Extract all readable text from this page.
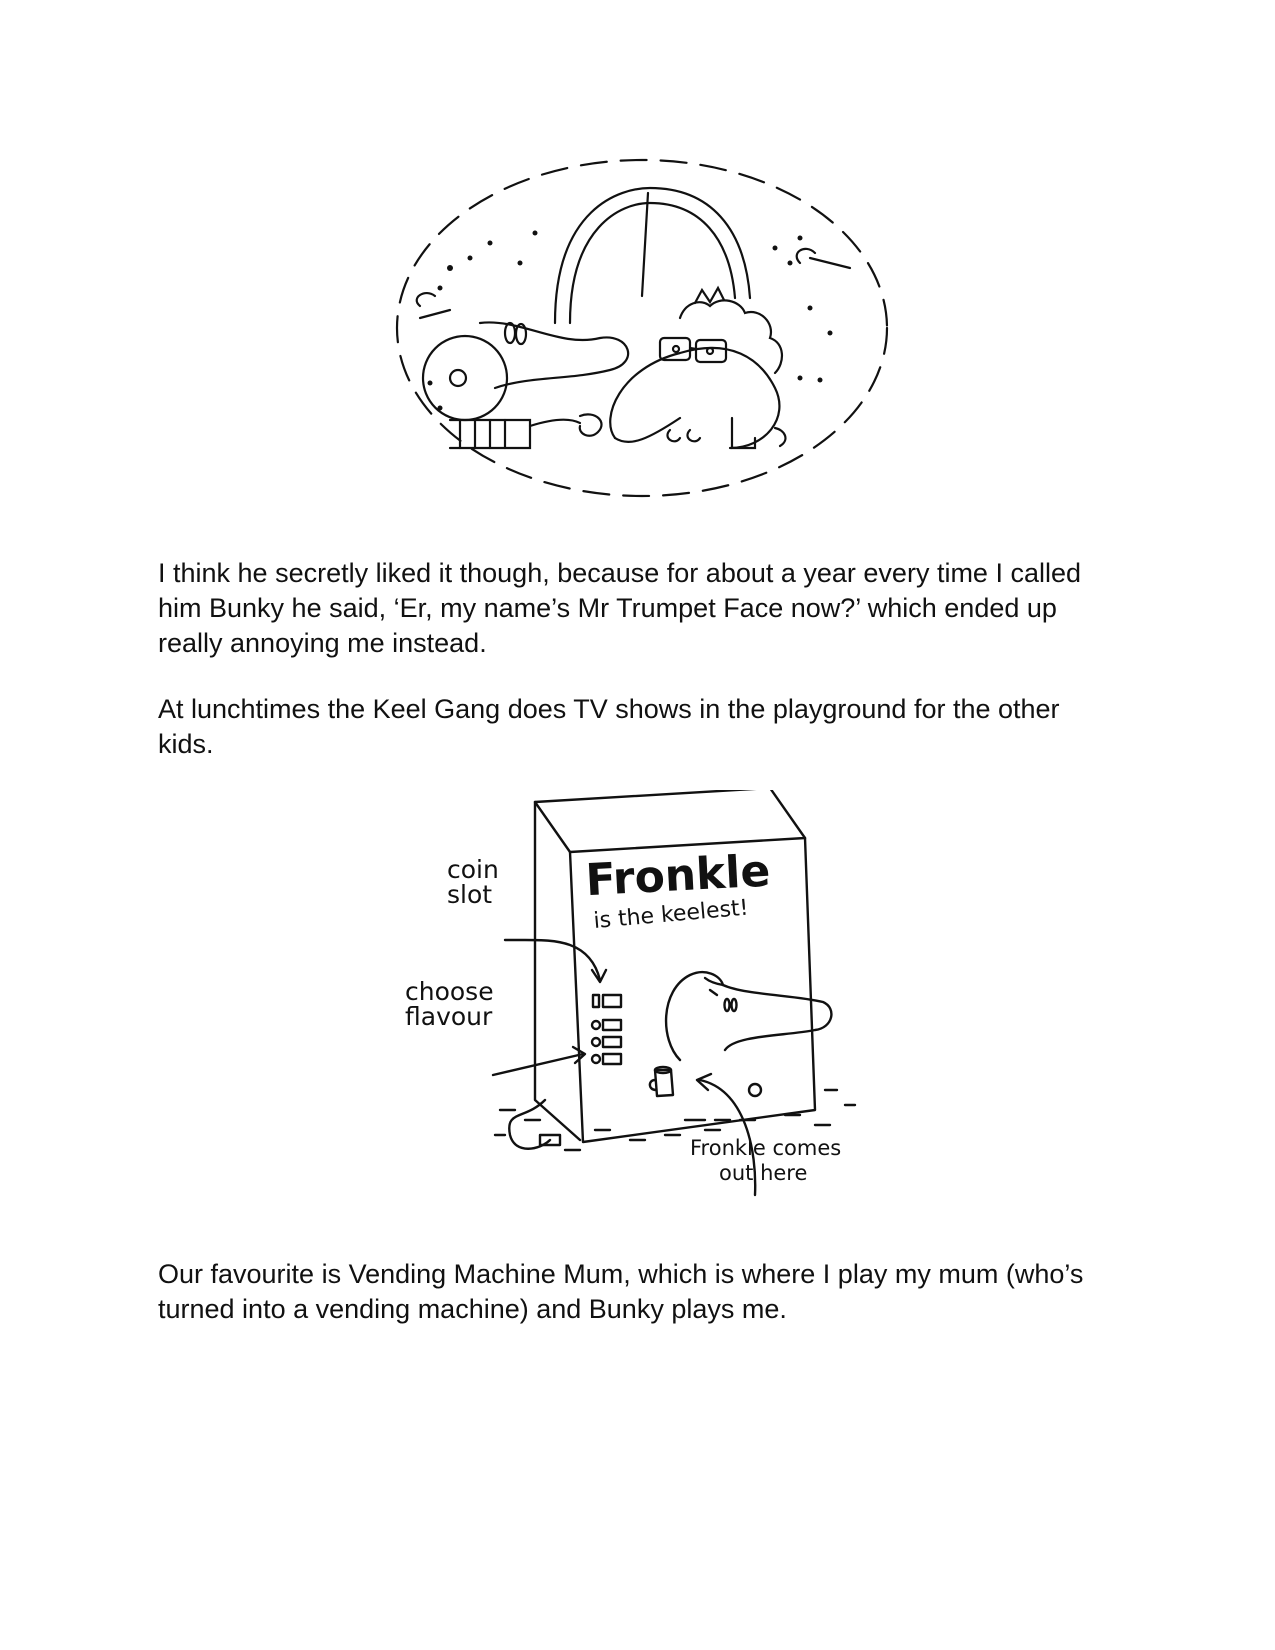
I think he secretly liked it though, because for about a year every time I called him Bunky he said, ‘Er, my name’s Mr Trumpet Face now?’ which ended up really annoying me instead.

At lunchtimes the Keel Gang does TV shows in the playground for the other kids.

Fronkle
is the keelest!
coin
slot
choose
flavour
Fronkle comes
out here

Our favourite is Vending Machine Mum, which is where I play my mum (who’s turned into a vending machine) and Bunky plays me.
